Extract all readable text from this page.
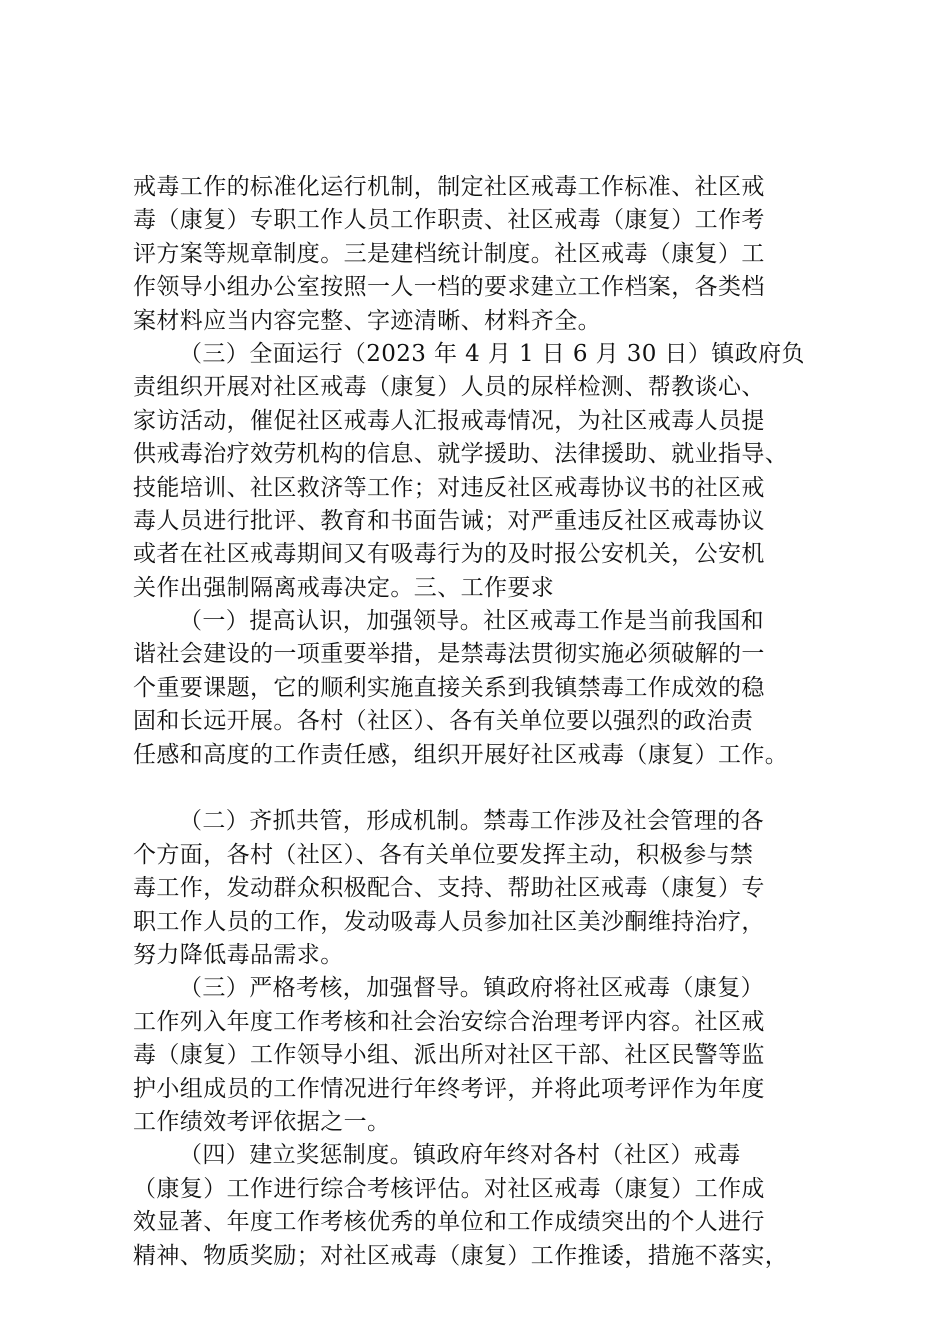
戒毒工作的标准化运行机制，制定社区戒毒工作标准、社区戒
毒（康复）专职工作人员工作职责、社区戒毒（康复）工作考
评方案等规章制度。三是建档统计制度。社区戒毒（康复）工
作领导小组办公室按照一人一档的要求建立工作档案，各类档
案材料应当内容完整、字迹清晰、材料齐全。
（三）全面运行（2023 年 4 月 1 日 6 月 30 日）镇政府负
责组织开展对社区戒毒（康复）人员的尿样检测、帮教谈心、
家访活动，催促社区戒毒人汇报戒毒情况，为社区戒毒人员提
供戒毒治疗效劳机构的信息、就学援助、法律援助、就业指导、
技能培训、社区救济等工作；对违反社区戒毒协议书的社区戒
毒人员进行批评、教育和书面告诫；对严重违反社区戒毒协议
或者在社区戒毒期间又有吸毒行为的及时报公安机关，公安机
关作出强制隔离戒毒决定。三、工作要求
（一）提高认识，加强领导。社区戒毒工作是当前我国和
谐社会建设的一项重要举措，是禁毒法贯彻实施必须破解的一
个重要课题，它的顺利实施直接关系到我镇禁毒工作成效的稳
固和长远开展。各村（社区）、各有关单位要以强烈的政治责
任感和高度的工作责任感，组织开展好社区戒毒（康复）工作。
（二）齐抓共管，形成机制。禁毒工作涉及社会管理的各
个方面，各村（社区）、各有关单位要发挥主动，积极参与禁
毒工作，发动群众积极配合、支持、帮助社区戒毒（康复）专
职工作人员的工作，发动吸毒人员参加社区美沙酮维持治疗，
努力降低毒品需求。
（三）严格考核，加强督导。镇政府将社区戒毒（康复）
工作列入年度工作考核和社会治安综合治理考评内容。社区戒
毒（康复）工作领导小组、派出所对社区干部、社区民警等监
护小组成员的工作情况进行年终考评，并将此项考评作为年度
工作绩效考评依据之一。
（四）建立奖惩制度。镇政府年终对各村（社区）戒毒
（康复）工作进行综合考核评估。对社区戒毒（康复）工作成
效显著、年度工作考核优秀的单位和工作成绩突出的个人进行
精神、物质奖励；对社区戒毒（康复）工作推诿，措施不落实，
